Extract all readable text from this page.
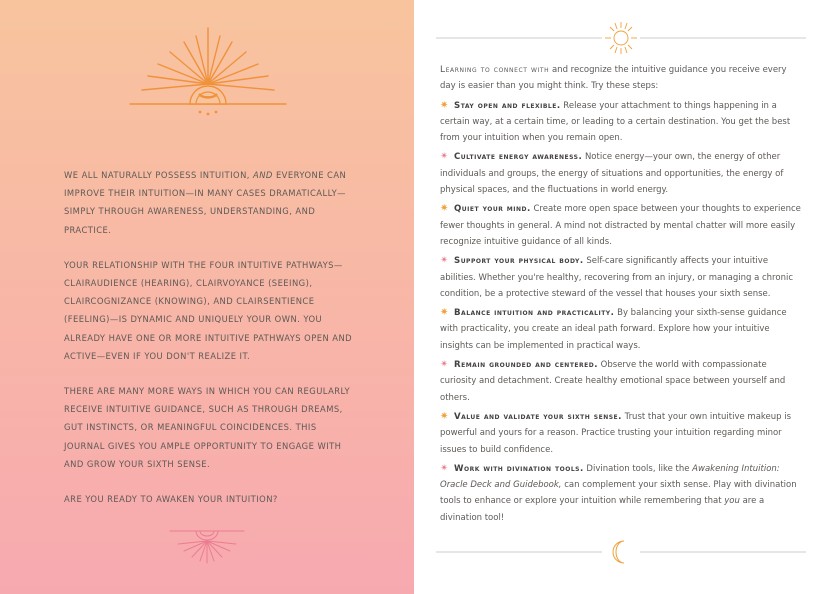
WE ALL NATURALLY POSSESS INTUITION, AND EVERYONE CAN IMPROVE THEIR INTUITION—IN MANY CASES DRAMATICALLY—SIMPLY THROUGH AWARENESS, UNDERSTANDING, AND PRACTICE.

YOUR RELATIONSHIP WITH THE FOUR INTUITIVE PATHWAYS—CLAIRAUDIENCE (HEARING), CLAIRVOYANCE (SEEING), CLAIRCOGNIZANCE (KNOWING), AND CLAIRSENTIENCE (FEELING)—IS DYNAMIC AND UNIQUELY YOUR OWN. YOU ALREADY HAVE ONE OR MORE INTUITIVE PATHWAYS OPEN AND ACTIVE—EVEN IF YOU DON'T REALIZE IT.

THERE ARE MANY MORE WAYS IN WHICH YOU CAN REGULARLY RECEIVE INTUITIVE GUIDANCE, SUCH AS THROUGH DREAMS, GUT INSTINCTS, OR MEANINGFUL COINCIDENCES. THIS JOURNAL GIVES YOU AMPLE OPPORTUNITY TO ENGAGE WITH AND GROW YOUR SIXTH SENSE.

ARE YOU READY TO AWAKEN YOUR INTUITION?

Learning to connect with and recognize the intuitive guidance you receive every day is easier than you might think. Try these steps:

✷ Stay open and flexible. Release your attachment to things happening in a certain way, at a certain time, or leading to a certain destination. You get the best from your intuition when you remain open.

✴ Cultivate energy awareness. Notice energy—your own, the energy of other individuals and groups, the energy of situations and opportunities, the energy of physical spaces, and the fluctuations in world energy.

✷ Quiet your mind. Create more open space between your thoughts to experience fewer thoughts in general. A mind not distracted by mental chatter will more easily recognize intuitive guidance of all kinds.

✴ Support your physical body. Self-care significantly affects your intuitive abilities. Whether you're healthy, recovering from an injury, or managing a chronic condition, be a protective steward of the vessel that houses your sixth sense.

✷ Balance intuition and practicality. By balancing your sixth-sense guidance with practicality, you create an ideal path forward. Explore how your intuitive insights can be implemented in practical ways.

✴ Remain grounded and centered. Observe the world with compassionate curiosity and detachment. Create healthy emotional space between yourself and others.

✷ Value and validate your sixth sense. Trust that your own intuitive makeup is powerful and yours for a reason. Practice trusting your intuition regarding minor issues to build confidence.

✴ Work with divination tools. Divination tools, like the Awakening Intuition: Oracle Deck and Guidebook, can complement your sixth sense. Play with divination tools to enhance or explore your intuition while remembering that you are a divination tool!
